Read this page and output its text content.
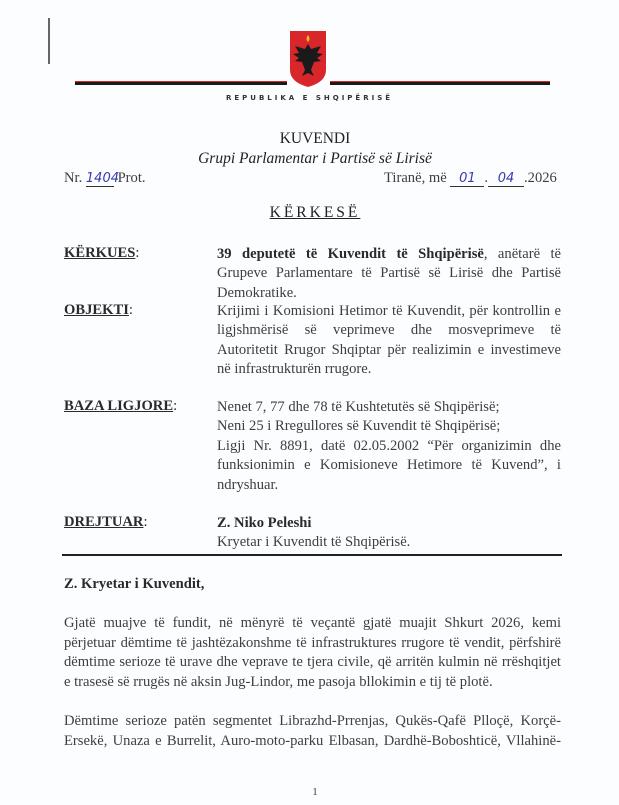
REPUBLIKA E SHQIPËRISË
KUVENDI
Grupi Parlamentar i Partisë së Lirisë
Nr. 1404 Prot.	Tiranë, më 01 . 04 .2026
KËRKESË
KËRKUES:	39 deputetë të Kuvendit të Shqipërisë, anëtarë të Grupeve Parlamentare të Partisë së Lirisë dhe Partisë Demokratike.
OBJEKTI:	Krijimi i Komisioni Hetimor të Kuvendit, për kontrollin e ligjshmërisë së veprimeve dhe mosveprimeve të Autoritetit Rrugor Shqiptar për realizimin e investimeve në infrastrukturën rrugore.
BAZA LIGJORE:	Nenet 7, 77 dhe 78 të Kushtetutës së Shqipërisë;
Neni 25 i Rregullores së Kuvendit të Shqipërisë;
Ligji Nr. 8891, datë 02.05.2002 “Për organizimin dhe funksionimin e Komisioneve Hetimore të Kuvend”, i ndryshuar.
DREJTUAR:	Z. Niko Peleshi
Kryetar i Kuvendit të Shqipërisë.
Z. Kryetar i Kuvendit,
Gjatë muajve të fundit, në mënyrë të veçantë gjatë muajit Shkurt 2026, kemi përjetuar dëmtime të jashtëzakonshme të infrastruktures rrugore të vendit, përfshirë dëmtime serioze të urave dhe veprave te tjera civile, që arritën kulmin në rrëshqitjet e trasesë së rrugës në aksin Jug-Lindor, me pasoja bllokimin e tij të plotë.
Dëmtime serioze patën segmentet Librazhd-Prrenjas, Qukës-Qafë Plloçë, Korçë-Ersekë, Unaza e Burrelit, Auro-moto-parku Elbasan, Dardhë-Boboshticë, Vllahinë-
1
